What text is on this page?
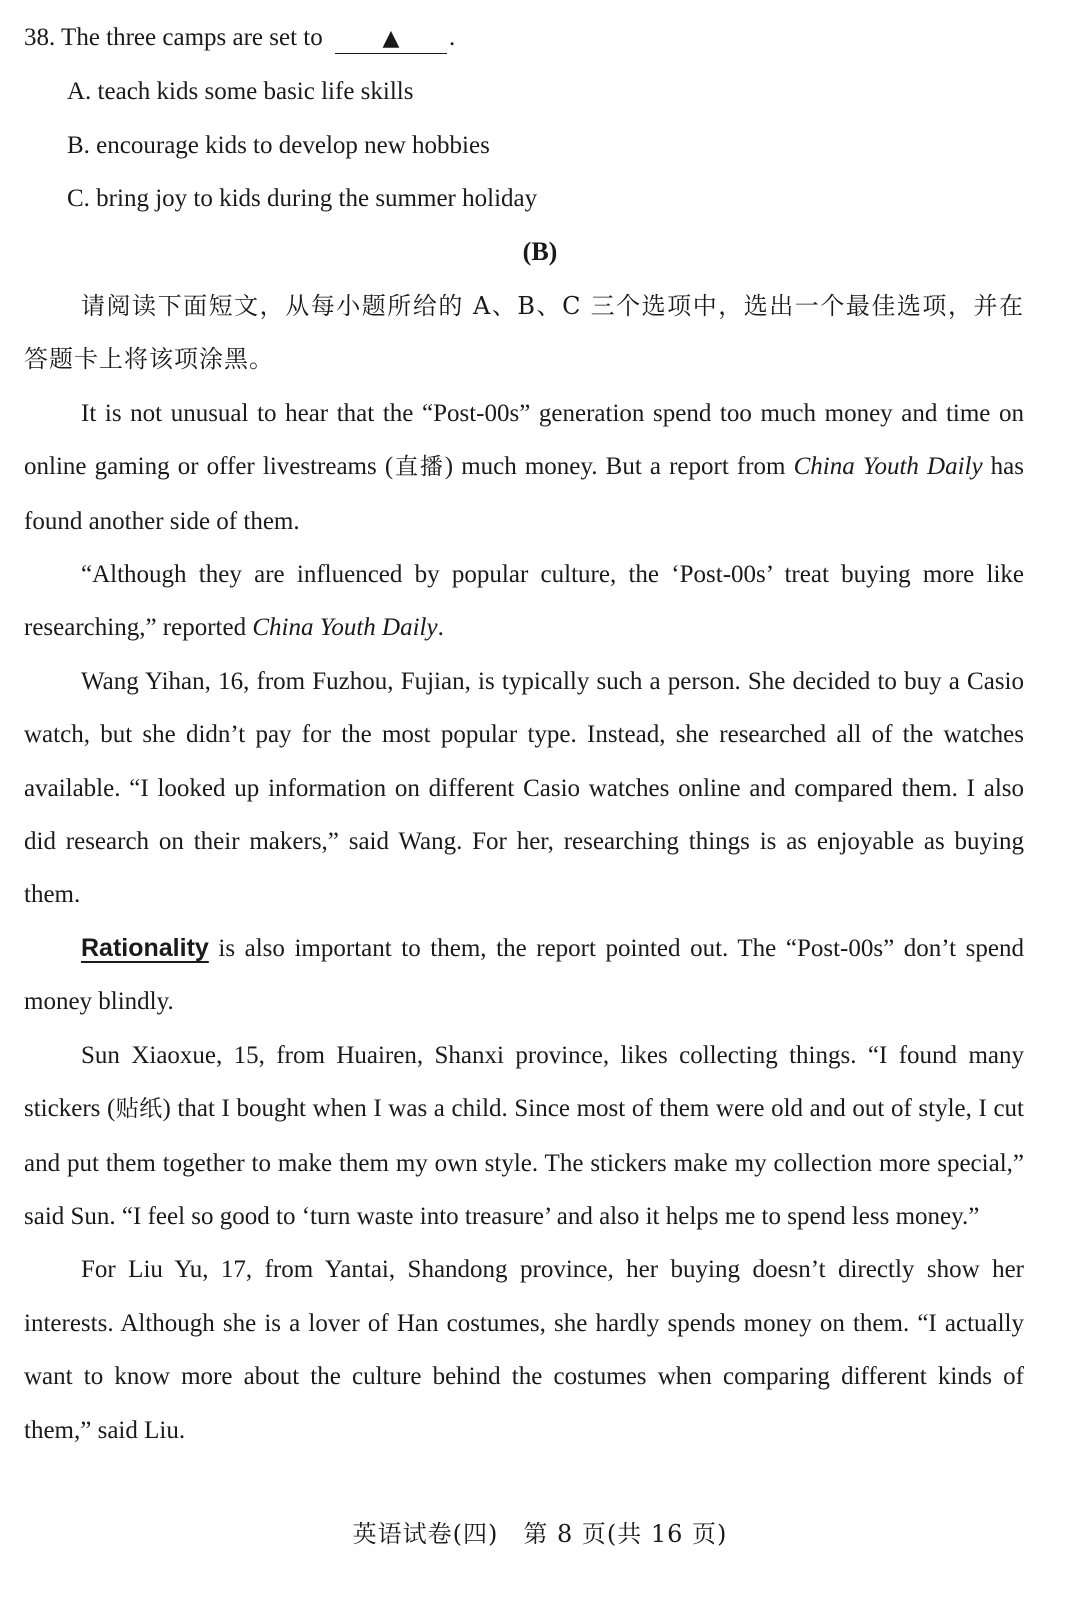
38. The three camps are set to	▲ .
A. teach kids some basic life skills
B. encourage kids to develop new hobbies
C. bring joy to kids during the summer holiday
(B)

请阅读下面短文，从每小题所给的 A、B、C 三个选项中，选出一个最佳选项，并在答题卡上将该项涂黑。

It is not unusual to hear that the “Post-00s” generation spend too much money and time on online gaming or offer livestreams (直播) much money. But a report from China Youth Daily has found another side of them.

“Although they are influenced by popular culture, the ‘Post-00s’ treat buying more like researching,” reported China Youth Daily.

Wang Yihan, 16, from Fuzhou, Fujian, is typically such a person. She decided to buy a Casio watch, but she didn’t pay for the most popular type. Instead, she researched all of the watches available. “I looked up information on different Casio watches online and compared them. I also did research on their makers,” said Wang. For her, researching things is as enjoyable as buying them.

Rationality is also important to them, the report pointed out. The “Post-00s” don’t spend money blindly.

Sun Xiaoxue, 15, from Huairen, Shanxi province, likes collecting things. “I found many stickers (贴纸) that I bought when I was a child. Since most of them were old and out of style, I cut and put them together to make them my own style. The stickers make my collection more special,” said Sun. “I feel so good to ‘turn waste into treasure’ and also it helps me to spend less money.”

For Liu Yu, 17, from Yantai, Shandong province, her buying doesn’t directly show her interests. Although she is a lover of Han costumes, she hardly spends money on them. “I actually want to know more about the culture behind the costumes when comparing different kinds of them,” said Liu.

英语试卷(四)　第 8 页(共 16 页)
